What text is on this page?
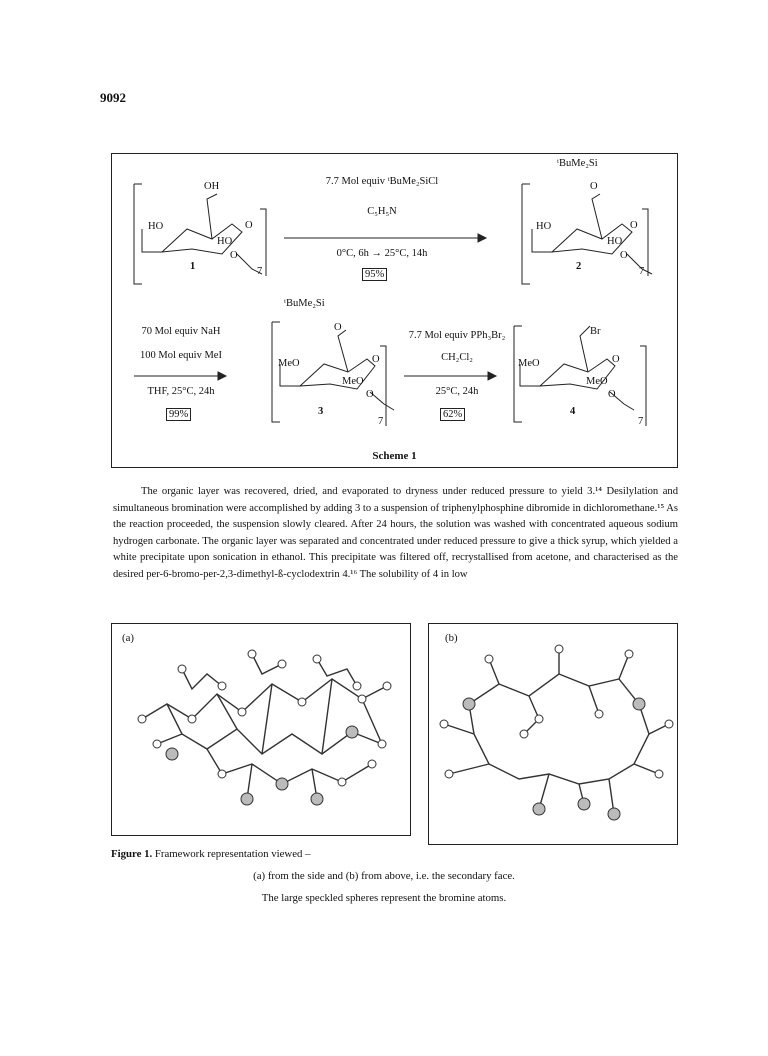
9092
OH
HO	O
HO
O
1	7
7.7 Mol equiv ᵗBuMe₂SiCl
C₅H₅N
0°C, 6h → 25°C, 14h
95%
ᵗBuMe₂Si
O
HO	O
HO
O
2	7
70 Mol equiv NaH
100 Mol equiv MeI
THF, 25°C, 24h
99%
ᵗBuMe₂Si
O
MeO	O
MeO
O
3
7
7.7 Mol equiv PPh₃Br₂
CH₂Cl₂
25°C, 24h
62%
Br
MeO	O
MeO
O
4
7
Scheme 1

The organic layer was recovered, dried, and evaporated to dryness under reduced pressure to yield 3.¹⁴ Desilylation and simultaneous bromination were accomplished by adding 3 to a suspension of triphenylphosphine dibromide in dichloromethane.¹⁵ As the reaction proceeded, the suspension slowly cleared. After 24 hours, the solution was washed with concentrated aqueous sodium hydrogen carbonate. The organic layer was separated and concentrated under reduced pressure to give a thick syrup, which yielded a white precipitate upon sonication in ethanol. This precipitate was filtered off, recrystallised from acetone, and characterised as the desired per-6-bromo-per-2,3-dimethyl-ß-cyclodextrin 4.¹⁶ The solubility of 4 in low

(a)	(b)
Figure 1. Framework representation viewed –
(a) from the side and (b) from above, i.e. the secondary face.
The large speckled spheres represent the bromine atoms.
